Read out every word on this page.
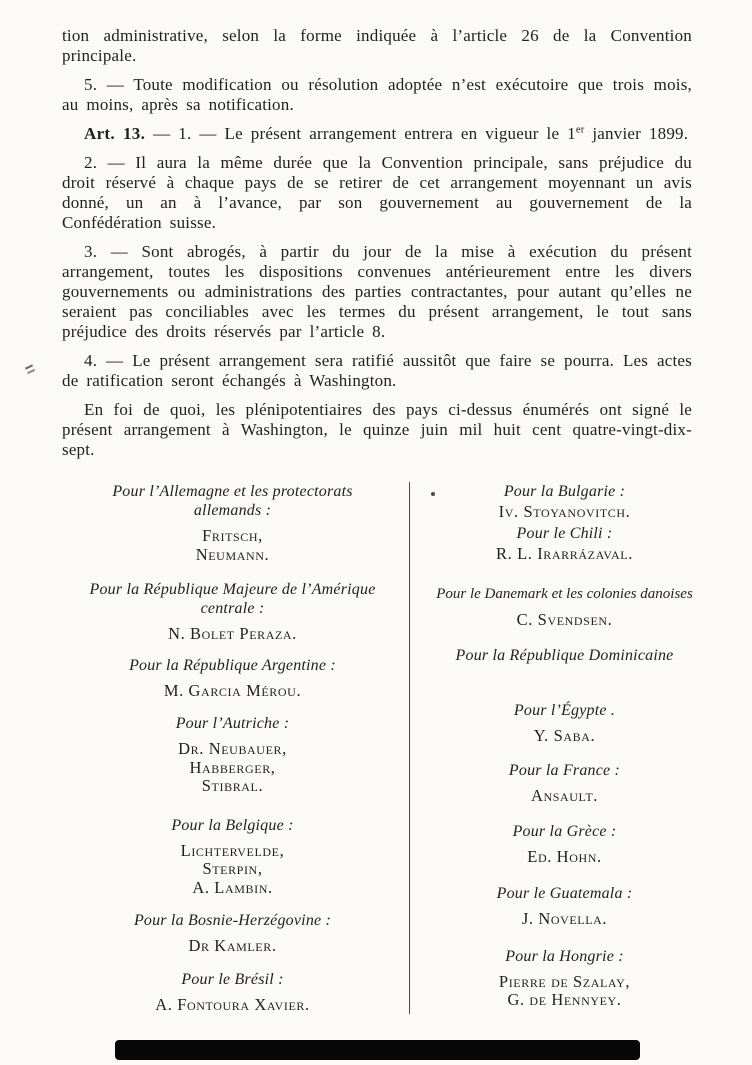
tion administrative, selon la forme indiquée à l’article 26 de la Convention principale.

5. — Toute modification ou résolution adoptée n’est exécutoire que trois mois, au moins, après sa notification.

Art. 13. — 1. — Le présent arrangement entrera en vigueur le 1er janvier 1899.

2. — Il aura la même durée que la Convention principale, sans préjudice du droit réservé à chaque pays de se retirer de cet arrangement moyennant un avis donné, un an à l’avance, par son gouvernement au gouvernement de la Confédération suisse.

3. — Sont abrogés, à partir du jour de la mise à exécution du présent arrangement, toutes les dispositions convenues antérieurement entre les divers gouvernements ou administrations des parties contractantes, pour autant qu’elles ne seraient pas conciliables avec les termes du présent arrangement, le tout sans préjudice des droits réservés par l’article 8.

4. — Le présent arrangement sera ratifié aussitôt que faire se pourra. Les actes de ratification seront échangés à Washington.

En foi de quoi, les plénipotentiaires des pays ci-dessus énumérés ont signé le présent arrangement à Washington, le quinze juin mil huit cent quatre-vingt-dix-sept.

Pour l’Allemagne et les protectorats
allemands :
Fritsch,
Neumann.
Pour la République Majeure de l’Amérique
centrale :
N. Bolet Peraza.
Pour la République Argentine :
M. Garcia Mérou.
Pour l’Autriche :
Dr. Neubauer,
Habberger,
Stibral.
Pour la Belgique :
Lichtervelde,
Sterpin,
A. Lambin.
Pour la Bosnie-Herzégovine :
Dr Kamler.
Pour le Brésil :
A. Fontoura Xavier.
Pour la Bulgarie :
Iv. Stoyanovitch.
Pour le Chili :
R. L. Irarrázaval.
Pour le Danemark et les colonies danoises
C. Svendsen.
Pour la République Dominicaine
Pour l’Égypte .
Y. Saba.
Pour la France :
Ansault.
Pour la Grèce :
Ed. Hohn.
Pour le Guatemala :
J. Novella.
Pour la Hongrie :
Pierre de Szalay,
G. de Hennyey.
